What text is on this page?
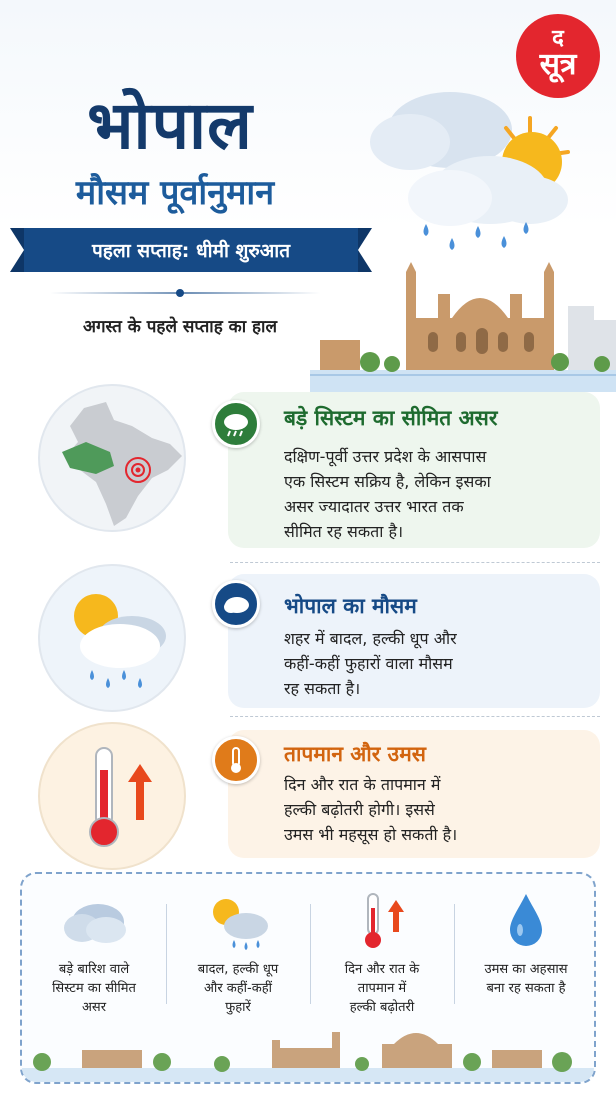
द
सूत्र
भोपाल
मौसम पूर्वानुमान
पहला सप्ताह: धीमी शुरुआत
अगस्त के पहले सप्ताह का हाल
बड़े सिस्टम का सीमित असर
दक्षिण-पूर्वी उत्तर प्रदेश के आसपास
एक सिस्टम सक्रिय है, लेकिन इसका
असर ज्यादातर उत्तर भारत तक
सीमित रह सकता है।
भोपाल का मौसम
शहर में बादल, हल्की धूप और
कहीं-कहीं फुहारों वाला मौसम
रह सकता है।
तापमान और उमस
दिन और रात के तापमान में
हल्की बढ़ोतरी होगी। इससे
उमस भी महसूस हो सकती है।
बड़े बारिश वाले
सिस्टम का सीमित
असर
बादल, हल्की धूप
और कहीं-कहीं
फुहारें
दिन और रात के
तापमान में
हल्की बढ़ोतरी
उमस का अहसास
बना रह सकता है
